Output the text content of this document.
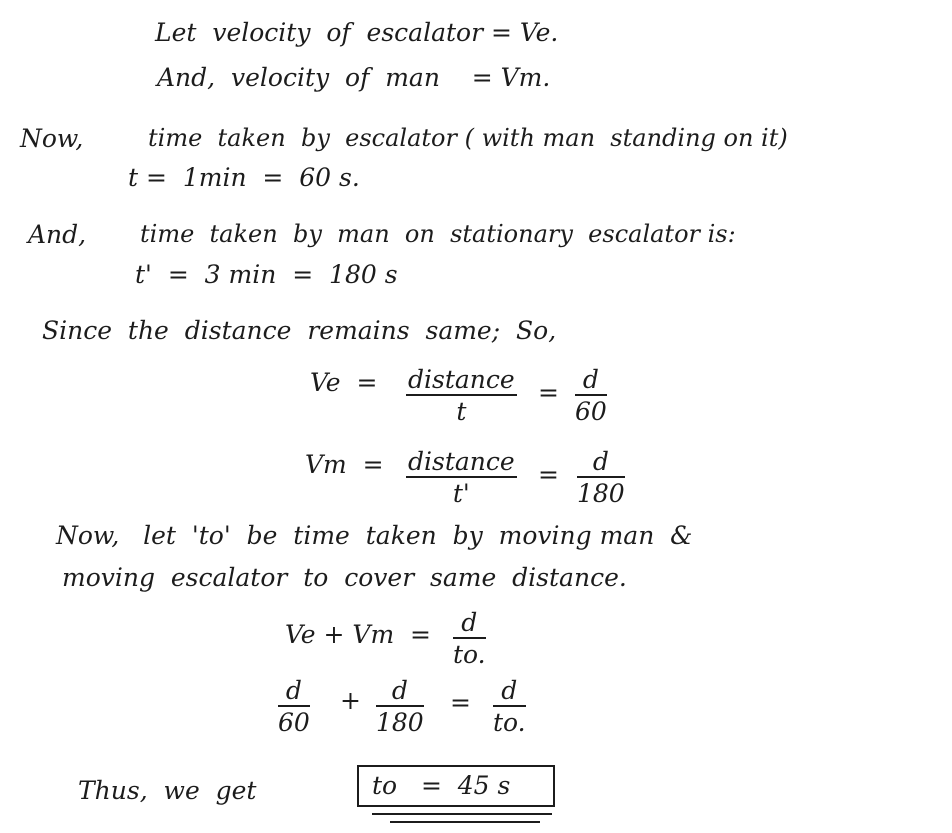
Let  velocity  of  escalator = Ve.
And,  velocity  of  man    = Vm.
Now,	time  taken  by  escalator ( with man  standing on it)
t =  1min  =  60 s.
And, time  taken  by  man  on  stationary  escalator is:
t'  =  3 min  =  180 s
Since  the  distance  remains  same;  So,
Ve  = distance
t
= d
60
Vm  = distance
t'
= d
180
Now,   let  'to'  be  time  taken  by  moving man  &
moving  escalator  to  cover  same  distance.
Ve + Vm  = d
to.
d
60
+ d
180
= d
to.
Thus,  we  get	to   =  45 s
